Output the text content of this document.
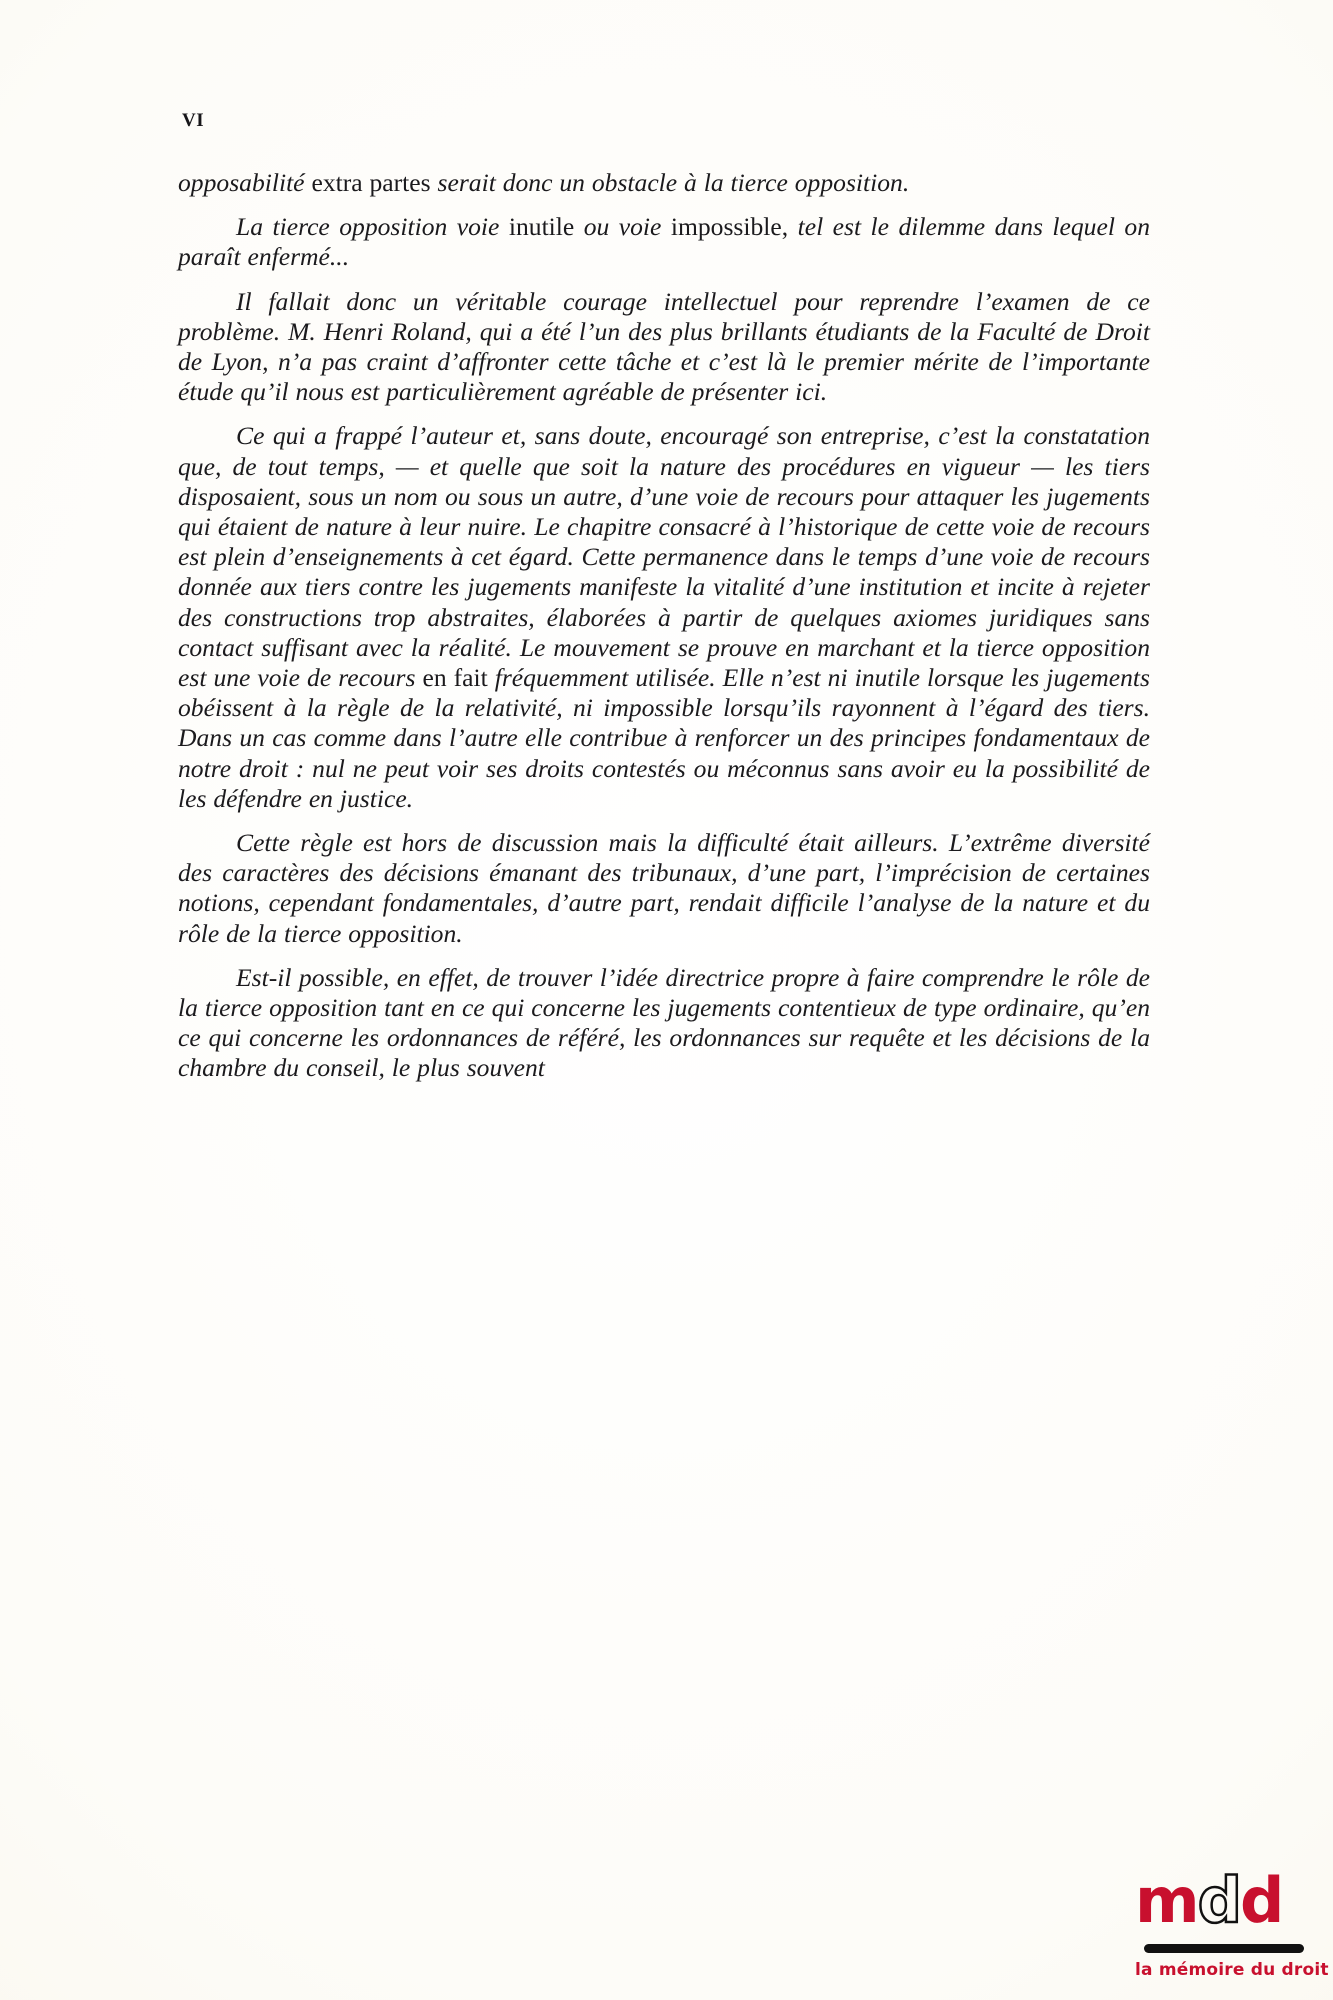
VI

opposabilité extra partes serait donc un obstacle à la tierce opposition.

La tierce opposition voie inutile ou voie impossible, tel est le dilemme dans lequel on paraît enfermé...

Il fallait donc un véritable courage intellectuel pour reprendre l’examen de ce problème. M. Henri Roland, qui a été l’un des plus brillants étudiants de la Faculté de Droit de Lyon, n’a pas craint d’affronter cette tâche et c’est là le premier mérite de l’importante étude qu’il nous est particulièrement agréable de présenter ici.

Ce qui a frappé l’auteur et, sans doute, encouragé son entreprise, c’est la constatation que, de tout temps, — et quelle que soit la nature des procédures en vigueur — les tiers disposaient, sous un nom ou sous un autre, d’une voie de recours pour attaquer les jugements qui étaient de nature à leur nuire. Le chapitre consacré à l’historique de cette voie de recours est plein d’enseignements à cet égard. Cette permanence dans le temps d’une voie de recours donnée aux tiers contre les jugements manifeste la vitalité d’une institution et incite à rejeter des constructions trop abstraites, élaborées à partir de quelques axiomes juridiques sans contact suffisant avec la réalité. Le mouvement se prouve en marchant et la tierce opposition est une voie de recours en fait fréquemment utilisée. Elle n’est ni inutile lorsque les jugements obéissent à la règle de la relativité, ni impossible lorsqu’ils rayonnent à l’égard des tiers. Dans un cas comme dans l’autre elle contribue à renforcer un des principes fondamentaux de notre droit : nul ne peut voir ses droits contestés ou méconnus sans avoir eu la possibilité de les défendre en justice.

Cette règle est hors de discussion mais la difficulté était ailleurs. L’extrême diversité des caractères des décisions émanant des tribunaux, d’une part, l’imprécision de certaines notions, cependant fondamentales, d’autre part, rendait difficile l’analyse de la nature et du rôle de la tierce opposition.

Est-il possible, en effet, de trouver l’idée directrice propre à faire comprendre le rôle de la tierce opposition tant en ce qui concerne les jugements contentieux de type ordinaire, qu’en ce qui concerne les ordonnances de référé, les ordonnances sur requête et les décisions de la chambre du conseil, le plus souvent

mdd
la mémoire du droit
